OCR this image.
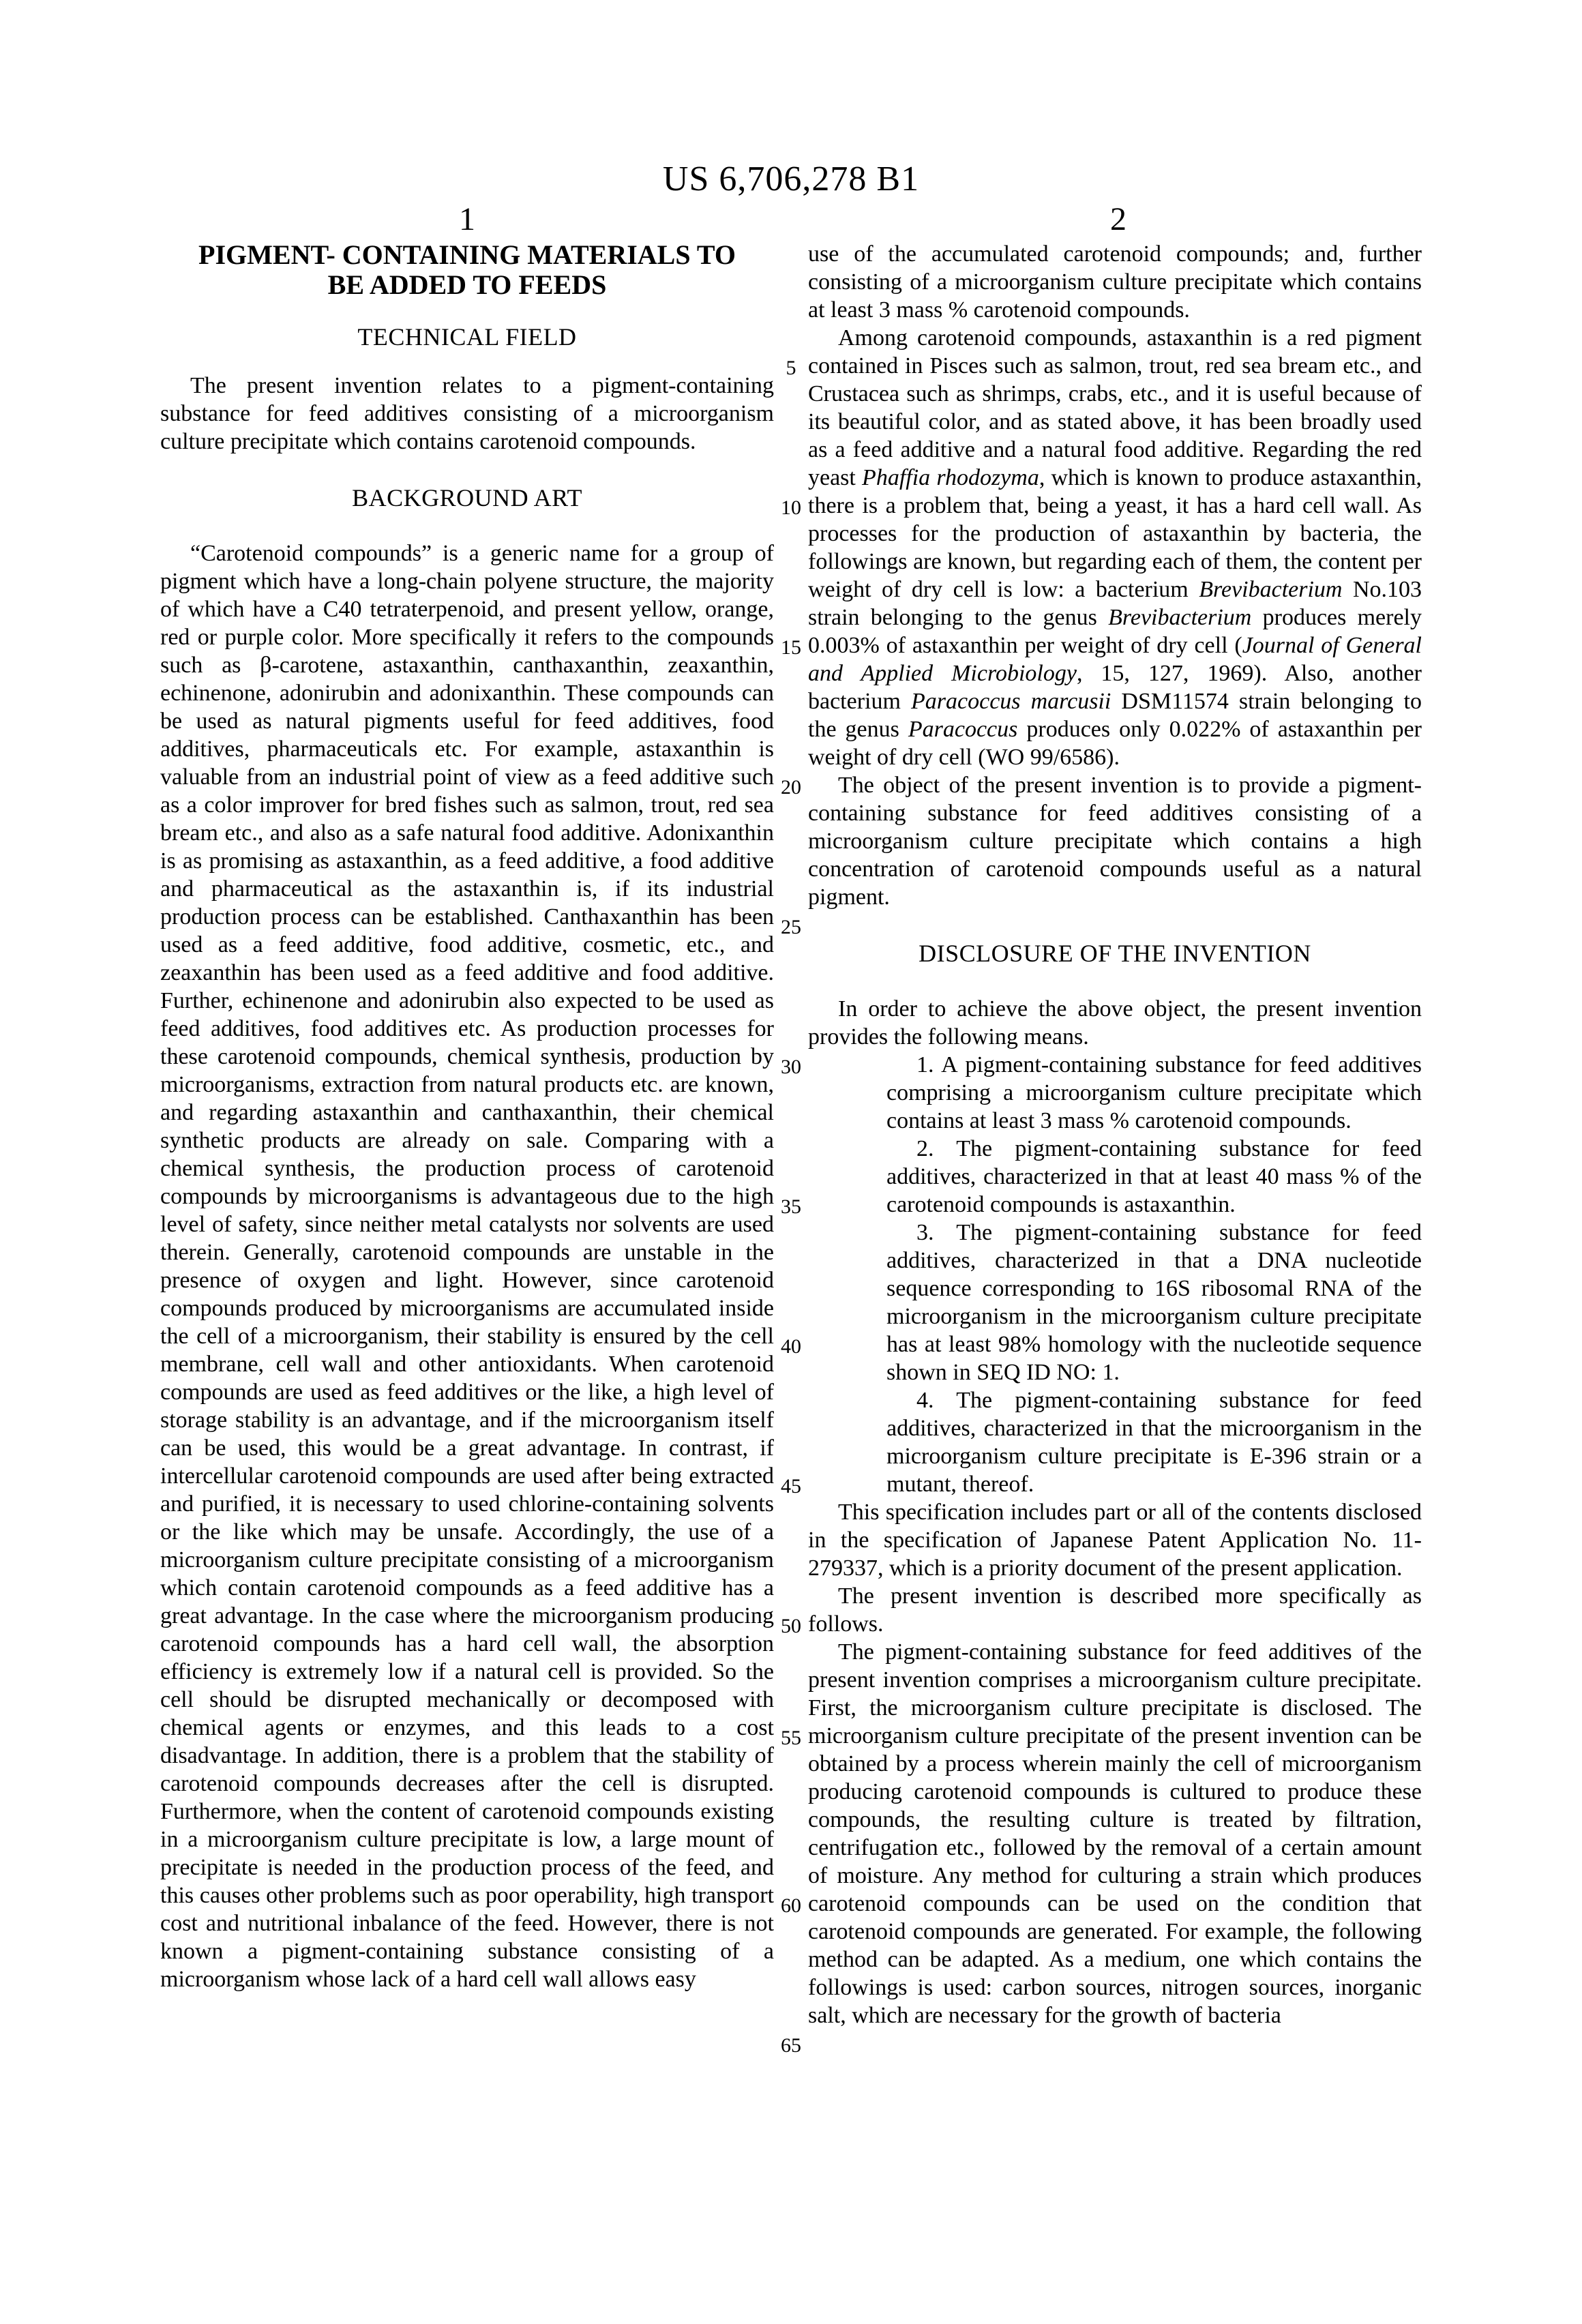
US 6,706,278 B1
1	2
PIGMENT- CONTAINING MATERIALS TO
BE ADDED TO FEEDS
TECHNICAL FIELD

The present invention relates to a pigment-containing substance for feed additives consisting of a microorganism culture precipitate which contains carotenoid compounds.

BACKGROUND ART

“Carotenoid compounds” is a generic name for a group of pigment which have a long-chain polyene structure, the majority of which have a C40 tetraterpenoid, and present yellow, orange, red or purple color. More specifically it refers to the compounds such as β-carotene, astaxanthin, canthaxanthin, zeaxanthin, echinenone, adonirubin and adonixanthin. These compounds can be used as natural pigments useful for feed additives, food additives, pharmaceuticals etc. For example, astaxanthin is valuable from an industrial point of view as a feed additive such as a color improver for bred fishes such as salmon, trout, red sea bream etc., and also as a safe natural food additive. Adonixanthin is as promising as astaxanthin, as a feed additive, a food additive and pharmaceutical as the astaxanthin is, if its industrial production process can be established. Canthaxanthin has been used as a feed additive, food additive, cosmetic, etc., and zeaxanthin has been used as a feed additive and food additive. Further, echinenone and adonirubin also expected to be used as feed additives, food additives etc. As production processes for these carotenoid compounds, chemical synthesis, production by microorganisms, extraction from natural products etc. are known, and regarding astaxanthin and canthaxanthin, their chemical synthetic products are already on sale. Comparing with a chemical synthesis, the production process of carotenoid compounds by microorganisms is advantageous due to the high level of safety, since neither metal catalysts nor solvents are used therein. Generally, carotenoid compounds are unstable in the presence of oxygen and light. However, since carotenoid compounds produced by microorganisms are accumulated inside the cell of a microorganism, their stability is ensured by the cell membrane, cell wall and other antioxidants. When carotenoid compounds are used as feed additives or the like, a high level of storage stability is an advantage, and if the microorganism itself can be used, this would be a great advantage. In contrast, if intercellular carotenoid compounds are used after being extracted and purified, it is necessary to used chlorine-containing solvents or the like which may be unsafe. Accordingly, the use of a microorganism culture precipitate consisting of a microorganism which contain carotenoid compounds as a feed additive has a great advantage. In the case where the microorganism producing carotenoid compounds has a hard cell wall, the absorption efficiency is extremely low if a natural cell is provided. So the cell should be disrupted mechanically or decomposed with chemical agents or enzymes, and this leads to a cost disadvantage. In addition, there is a problem that the stability of carotenoid compounds decreases after the cell is disrupted. Furthermore, when the content of carotenoid compounds existing in a microorganism culture precipitate is low, a large mount of precipitate is needed in the production process of the feed, and this causes other problems such as poor operability, high transport cost and nutritional inbalance of the feed. However, there is not known a pigment-containing substance consisting of a microorganism whose lack of a hard cell wall allows easy

use of the accumulated carotenoid compounds; and, further consisting of a microorganism culture precipitate which contains at least 3 mass % carotenoid compounds.

Among carotenoid compounds, astaxanthin is a red pigment contained in Pisces such as salmon, trout, red sea bream etc., and Crustacea such as shrimps, crabs, etc., and it is useful because of its beautiful color, and as stated above, it has been broadly used as a feed additive and a natural food additive. Regarding the red yeast Phaffia rhodozyma, which is known to produce astaxanthin, there is a problem that, being a yeast, it has a hard cell wall. As processes for the production of astaxanthin by bacteria, the followings are known, but regarding each of them, the content per weight of dry cell is low: a bacterium Brevibacterium No.103 strain belonging to the genus Brevibacterium produces merely 0.003% of astaxanthin per weight of dry cell (Journal of General and Applied Microbiology, 15, 127, 1969). Also, another bacterium Paracoccus marcusii DSM11574 strain belonging to the genus Paracoccus produces only 0.022% of astaxanthin per weight of dry cell (WO 99/6586).

The object of the present invention is to provide a pigment-containing substance for feed additives consisting of a microorganism culture precipitate which contains a high concentration of carotenoid compounds useful as a natural pigment.

DISCLOSURE OF THE INVENTION

In order to achieve the above object, the present invention provides the following means.

1. A pigment-containing substance for feed additives comprising a microorganism culture precipitate which contains at least 3 mass % carotenoid compounds.

2. The pigment-containing substance for feed additives, characterized in that at least 40 mass % of the carotenoid compounds is astaxanthin.

3. The pigment-containing substance for feed additives, characterized in that a DNA nucleotide sequence corresponding to 16S ribosomal RNA of the microorganism in the microorganism culture precipitate has at least 98% homology with the nucleotide sequence shown in SEQ ID NO: 1.

4. The pigment-containing substance for feed additives, characterized in that the microorganism in the microorganism culture precipitate is E-396 strain or a mutant, thereof.

This specification includes part or all of the contents disclosed in the specification of Japanese Patent Application No. 11-279337, which is a priority document of the present application.

The present invention is described more specifically as follows.

The pigment-containing substance for feed additives of the present invention comprises a microorganism culture precipitate. First, the microorganism culture precipitate is disclosed. The microorganism culture precipitate of the present invention can be obtained by a process wherein mainly the cell of microorganism producing carotenoid compounds is cultured to produce these compounds, the resulting culture is treated by filtration, centrifugation etc., followed by the removal of a certain amount of moisture. Any method for culturing a strain which produces carotenoid compounds can be used on the condition that carotenoid compounds are generated. For example, the following method can be adapted. As a medium, one which contains the followings is used: carbon sources, nitrogen sources, inorganic salt, which are necessary for the growth of bacteria

5
10
15
20
25
30
35
40
45
50
55
60
65
